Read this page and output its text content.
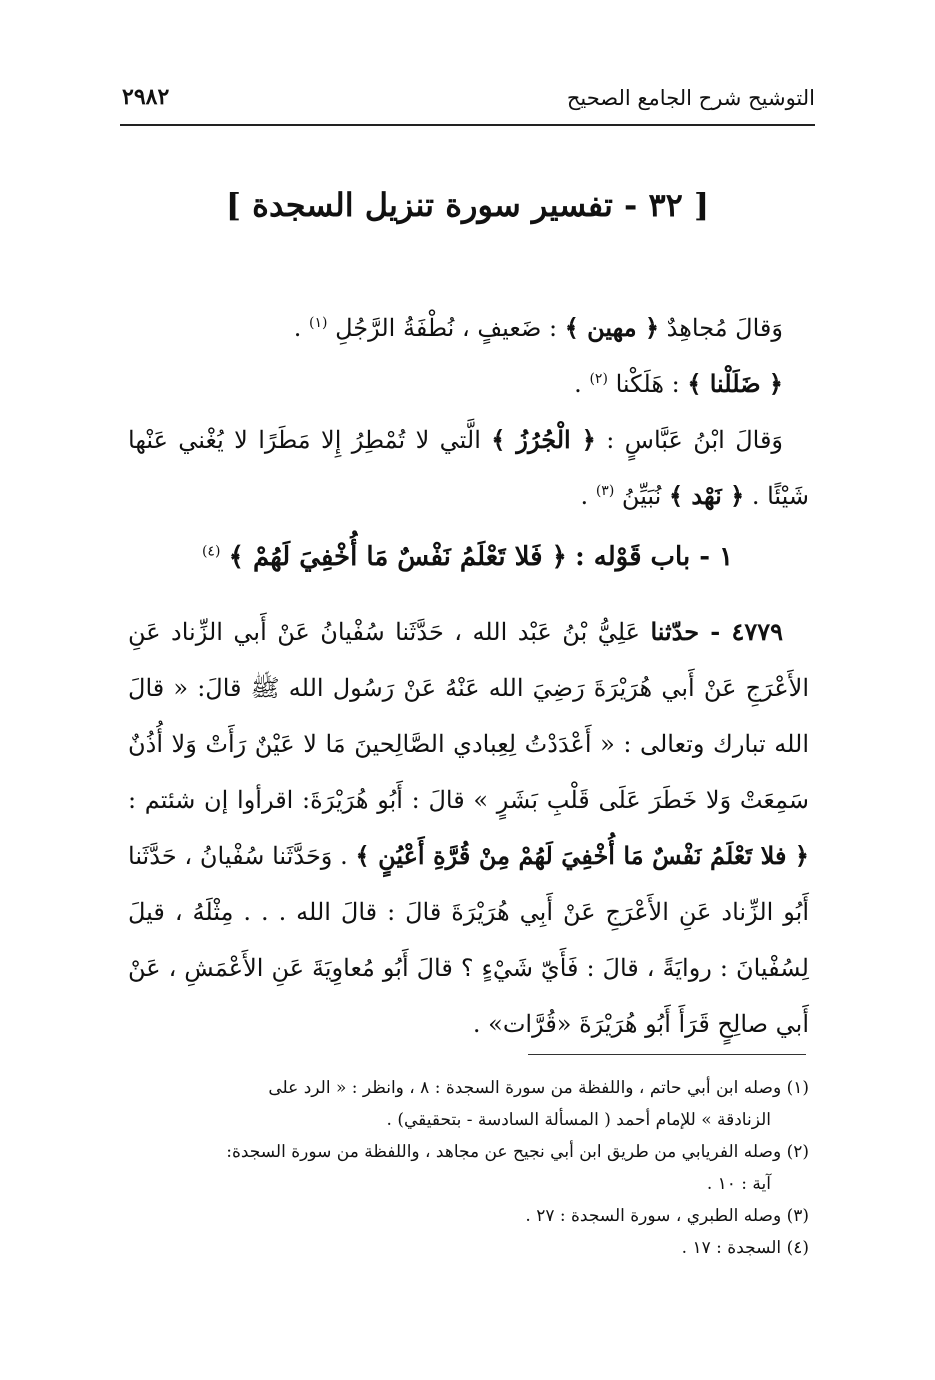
التوشيح شرح الجامع الصحيح
٢٩٨٢
[ ٣٢ - تفسير سورة تنزيل السجدة ]

وَقالَ مُجاهِدٌ ﴿ مهين ﴾ : ضَعيفٍ ، نُطْفَةُ الرَّجُلِ $^{(١)}$ .

﴿ ضَلَلْنا ﴾ : هَلَكْنا $^{(٢)}$ .

وَقالَ ابْنُ عَبَّاسٍ : ﴿ الْجُرُزُ ﴾ الَّتي لا تُمْطِرُ إِلا مَطَرًا لا يُغْني عَنْها شَيْئًا . ﴿ نَهْد ﴾ نُبَيِّنُ $^{(٣)}$ .

١ - باب قَوْله : ﴿ فَلا تَعْلَمُ نَفْسٌ مَا أُخْفِيَ لَهُمْ ﴾ $^{(٤)}$

٤٧٧٩ - حدّثنا عَلِيُّ بْنُ عَبْد الله ، حَدَّثَنا سُفْيانُ عَنْ أَبي الزِّناد عَنِ الأَعْرَجِ عَنْ أَبي هُرَيْرَةَ رَضِيَ الله عَنْهُ عَنْ رَسُول الله ﷺ قالَ: « قالَ الله تبارك وتعالى : « أَعْدَدْتُ لِعِبادي الصَّالِحينَ مَا لا عَيْنٌ رَأَتْ وَلا أُذُنٌ سَمِعَتْ وَلا خَطَرَ عَلَى قَلْبِ بَشَرٍ » قالَ : أَبُو هُرَيْرَةَ: اقرأوا إن شئتم : ﴿ فلا تَعْلَمُ نَفْسٌ مَا أُخْفِيَ لَهُمْ مِنْ قُرَّةِ أَعْيُنٍ ﴾ . وَحَدَّثَنا سُفْيانُ ، حَدَّثَنا أَبُو الزِّناد عَنِ الأَعْرَجِ عَنْ أَبِي هُرَيْرَةَ قالَ : قالَ الله . . . مِثْلَهُ ، قيلَ لِسُفْيانَ : روايَةً ، قالَ : فَأَيّ شَيْءٍ ؟ قالَ أَبُو مُعاوِيَةَ عَنِ الأَعْمَشِ ، عَنْ أَبي صالِحٍ قَرَأَ أَبُو هُرَيْرَةَ «قُرَّات» .

(١) وصله ابن أبي حاتم ، واللفظة من سورة السجدة : ٨ ، وانظر : « الرد على

الزنادقة » للإمام أحمد ( المسألة السادسة - بتحقيقي) .

(٢) وصله الفريابي من طريق ابن أبي نجيح عن مجاهد ، واللفظة من سورة السجدة:

آية : ١٠ .

(٣) وصله الطبري ، سورة السجدة : ٢٧ .

(٤) السجدة : ١٧ .
